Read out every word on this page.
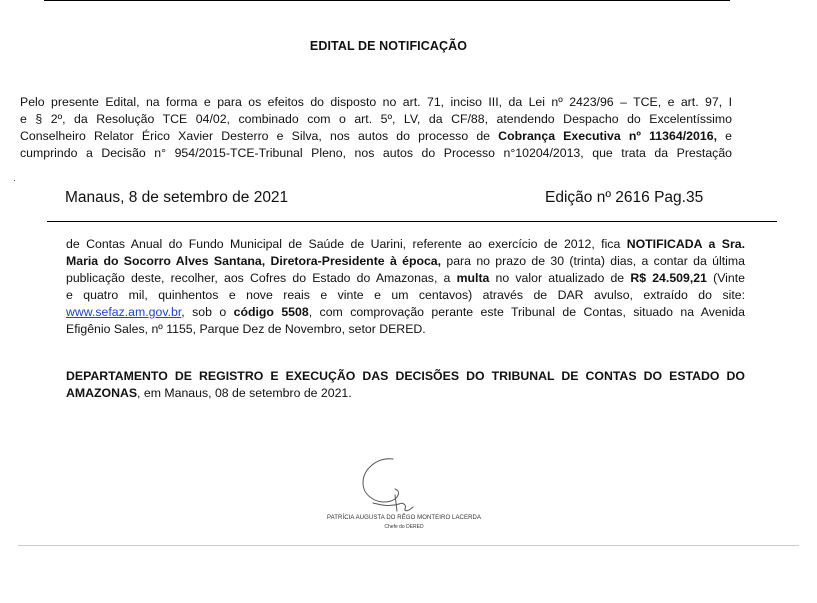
EDITAL DE NOTIFICAÇÃO
Pelo presente Edital, na forma e para os efeitos do disposto no art. 71, inciso III, da Lei nº 2423/96 – TCE, e art. 97, I
e § 2º, da Resolução TCE 04/02, combinado com o art. 5º, LV, da CF/88, atendendo Despacho do Excelentíssimo
Conselheiro Relator Érico Xavier Desterro e Silva, nos autos do processo de Cobrança Executiva nº 11364/2016, e
cumprindo a Decisão n° 954/2015-TCE-Tribunal Pleno, nos autos do Processo n°10204/2013, que trata da Prestação
Manaus, 8 de setembro de 2021	Edição nº 2616 Pag.35
de Contas Anual do Fundo Municipal de Saúde de Uarini, referente ao exercício de 2012, fica NOTIFICADA a Sra.
Maria do Socorro Alves Santana, Diretora-Presidente à época, para no prazo de 30 (trinta) dias, a contar da última
publicação deste, recolher, aos Cofres do Estado do Amazonas, a multa no valor atualizado de R$ 24.509,21 (Vinte
e quatro mil, quinhentos e nove reais e vinte e um centavos) através de DAR avulso, extraído do site:
www.sefaz.am.gov.br, sob o código 5508, com comprovação perante este Tribunal de Contas, situado na Avenida
Efigênio Sales, nº 1155, Parque Dez de Novembro, setor DERED.
DEPARTAMENTO DE REGISTRO E EXECUÇÃO DAS DECISÕES DO TRIBUNAL DE CONTAS DO ESTADO DO
AMAZONAS, em Manaus, 08 de setembro de 2021.
PATRÍCIA AUGUSTA DO RÊGO MONTEIRO LACERDA
Chefe do DERED
